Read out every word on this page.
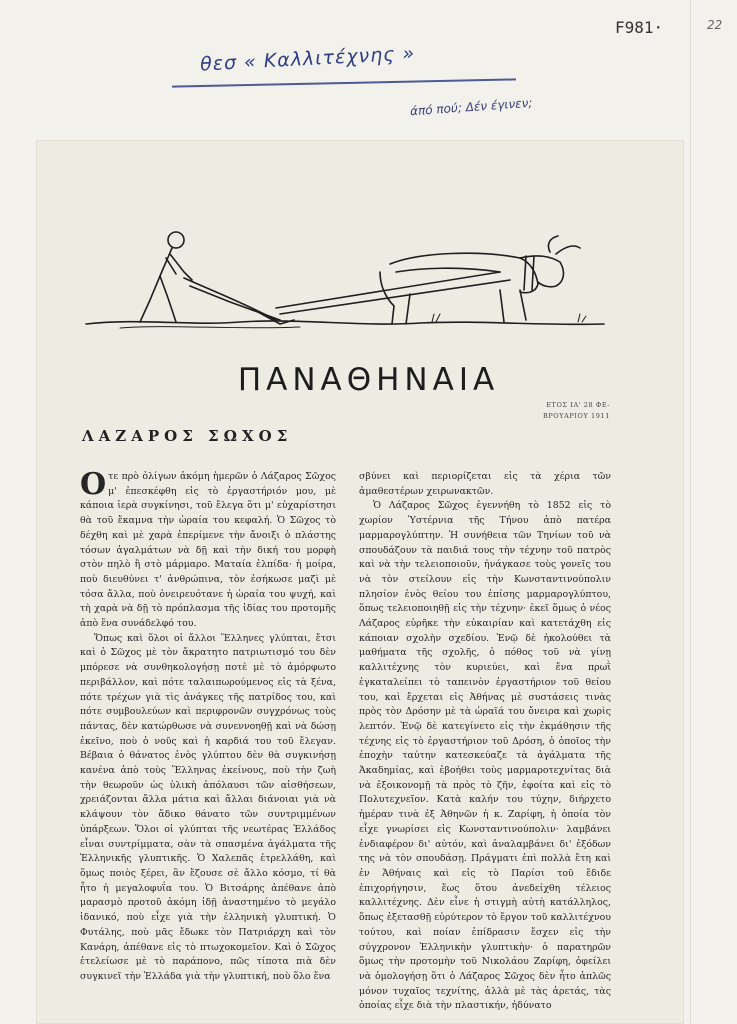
F981·	22
θεσ « Καλλιτέχνης »
άπό πού; Δέν έγινεν;
ΠΑΝΑΘΗΝΑΙΑ
ΕΤΟΣ ΙΑ' 28 ΦΕ-
ΒΡΟΥΑΡΙΟΥ 1911
ΛΑΖΑΡΟΣ ΣΩΧΟΣ

Οτε πρὸ ὀλίγων ἀκόμη ἡμερῶν ὁ Λάζαρος Σῶχος μ' ἐπεσκέφθη εἰς τὸ ἐργαστήριόν μου, μὲ κάποια ἱερὰ συγκίνησι, τοῦ ἔλεγα ὅτι μ' εὐχαρίστησι θὰ τοῦ ἔκαμνα τὴν ὡραία του κεφαλή. Ὁ Σῶχος τὸ δέχθη καὶ μὲ χαρὰ ἐπερίμενε τὴν ἄνοιξι ὁ πλάστης τόσων ἀγαλμάτων νὰ δῇ καὶ τὴν δική του μορφὴ στὸν πηλὸ ἢ στὸ μάρμαρο. Ματαία ἐλπίδα· ἡ μοίρα, ποὺ διευθύνει τ' ἀνθρώπινα, τὸν ἐσήκωσε μαζὶ μὲ τόσα ἄλλα, ποὺ ὀνειρευότανε ἡ ὡραία του ψυχή, καὶ τὴ χαρὰ νὰ δῇ τὸ πρόπλασμα τῆς ἰδίας του προτομῆς ἀπὸ ἕνα συνάδελφό του.

Ὅπως καὶ ὅλοι οἱ ἄλλοι Ἕλληνες γλύπται, ἔτσι καὶ ὁ Σῶχος μὲ τὸν ἄκρατητο πατριωτισμό του δὲν μπόρεσε νὰ συνθηκολογήσῃ ποτὲ μὲ τὸ ἀμόρφωτο περιβάλλον, καὶ πότε ταλαιπωρούμενος εἰς τὰ ξένα, πότε τρέχων γιὰ τὶς ἀνάγκες τῆς πατρίδος του, καὶ πότε συμβουλεύων καὶ περιφρονῶν συγχρόνως τοὺς πάντας, δὲν κατώρθωσε νὰ συνεννοηθῇ καὶ νὰ δώσῃ ἐκεῖνο, ποὺ ὁ νοῦς καὶ ἡ καρδιά του τοῦ ἔλεγαν. Βέβαια ὁ θάνατος ἑνὸς γλύπτου δὲν θὰ συγκινήσῃ κανένα ἀπὸ τοὺς Ἕλληνας ἐκείνους, ποὺ τὴν ζωὴ τὴν θεωροῦν ὡς ὑλικὴ ἀπόλαυσι τῶν αἰσθήσεων, χρειάζονται ἄλλα μάτια καὶ ἄλλαι διάνοιαι γιὰ νὰ κλάψουν τὸν ἄδικο θάνατο τῶν συντριμμένων ὑπάρξεων. Ὅλοι οἱ γλύπται τῆς νεωτέρας Ἑλλάδος εἶναι συντρίμματα, σὰν τὰ σπασμένα ἀγάλματα τῆς Ἑλληνικῆς γλυπτικῆς. Ὁ Χαλεπᾶς ἐτρελλάθη, καὶ ὅμως ποιὸς ξέρει, ἂν ἔζουσε σὲ ἄλλο κόσμο, τί θὰ ἦτο ἡ μεγαλοφυΐα του. Ὁ Βιτσάρης ἀπέθανε ἀπὸ μαρασμὸ προτοῦ ἀκόμη ἰδῇ ἀναστημένο τὸ μεγάλο ἰδανικό, ποὺ εἶχε γιὰ τὴν ἑλληνικὴ γλυπτική. Ὁ Φυτάλης, ποὺ μᾶς ἔδωκε τὸν Πατριάρχη καὶ τὸν Κανάρη, ἀπέθανε εἰς τὸ πτωχοκομεῖον. Καὶ ὁ Σῶχος ἐτελείωσε μὲ τὸ παράπονο, πῶς τίποτα πιὰ δὲν συγκινεῖ τὴν Ἑλλάδα γιὰ τὴν γλυπτική, ποὺ ὅλο ἕνα

σβύνει καὶ περιορίζεται εἰς τὰ χέρια τῶν ἀμαθεστέρων χειρωνακτῶν.

Ὁ Λάζαρος Σῶχος ἐγεννήθη τὸ 1852 εἰς τὸ χωρίον Ὑστέρνια τῆς Τήνου ἀπὸ πατέρα μαρμαρογλύπτην. Ἡ συνήθεια τῶν Τηνίων τοῦ νὰ σπουδάζουν τὰ παιδιά τους τὴν τέχνην τοῦ πατρὸς καὶ νὰ τὴν τελειοποιοῦν, ἠνάγκασε τοὺς γονεῖς του νὰ τὸν στείλουν εἰς τὴν Κωνσταντινούπολιν πλησίον ἑνὸς θείου του ἐπίσης μαρμαρογλύπτου, ὅπως τελειοποιηθῇ εἰς τὴν τέχνην· ἐκεῖ ὅμως ὁ νέος Λάζαρος εὑρῆκε τὴν εὐκαιρίαν καὶ κατετάχθη εἰς κάποιαν σχολὴν σχεδίου. Ἐνῷ δὲ ἠκολούθει τὰ μαθήματα τῆς σχολῆς, ὁ πόθος τοῦ νὰ γίνῃ καλλιτέχνης τὸν κυριεύει, καὶ ἕνα πρωῒ ἐγκαταλείπει τὸ ταπεινὸν ἐργαστήριον τοῦ θείου του, καὶ ἔρχεται εἰς Ἀθήνας μὲ συστάσεις τινὰς πρὸς τὸν Δρόσην μὲ τὰ ὡραῖά του ὄνειρα καὶ χωρὶς λεπτόν. Ἐνῷ δὲ κατεγίνετο εἰς τὴν ἐκμάθησιν τῆς τέχνης εἰς τὸ ἐργαστήριον τοῦ Δρόση, ὁ ὁποῖος τὴν ἐποχὴν ταύτην κατεσκεύαζε τὰ ἀγάλματα τῆς Ἀκαδημίας, καὶ ἐβοήθει τοὺς μαρμαροτεχνίτας διὰ νὰ ἐξοικονομῇ τὰ πρὸς τὸ ζῆν, ἐφοίτα καὶ εἰς τὸ Πολυτεχνεῖον. Κατὰ καλήν του τύχην, διήρχετο ἡμέραν τινὰ ἐξ Ἀθηνῶν ἡ κ. Ζαρίφη, ἡ ὁποία τὸν εἶχε γνωρίσει εἰς Κωνσταντινούπολιν· λαμβάνει ἐνδιαφέρον δι' αὐτόν, καὶ ἀναλαμβάνει δι' ἐξόδων της νὰ τὸν σπουδάσῃ. Πράγματι ἐπὶ πολλὰ ἔτη καὶ ἐν Ἀθήναις καὶ εἰς τὸ Παρίσι τοῦ ἔδιδε ἐπιχορήγησιν, ἕως ὅτου ἀνεδείχθη τέλειος καλλιτέχνης. Δὲν εἶνε ἡ στιγμὴ αὐτὴ κατάλληλος, ὅπως ἐξετασθῇ εὐρύτερον τὸ ἔργον τοῦ καλλιτέχνου τούτου, καὶ ποίαν ἐπίδρασιν ἔσχεν εἰς τὴν σύγχρονον Ἑλληνικὴν γλυπτικὴν· ὁ παρατηρῶν ὅμως τὴν προτομὴν τοῦ Νικολάου Ζαρίφη, ὀφείλει νὰ ὁμολογήσῃ ὅτι ὁ Λάζαρος Σῶχος δὲν ἦτο ἁπλῶς μόνον τυχαῖος τεχνίτης, ἀλλὰ μὲ τὰς ἀρετάς, τὰς ὁποίας εἶχε διὰ τὴν πλαστικήν, ἠδύνατο
